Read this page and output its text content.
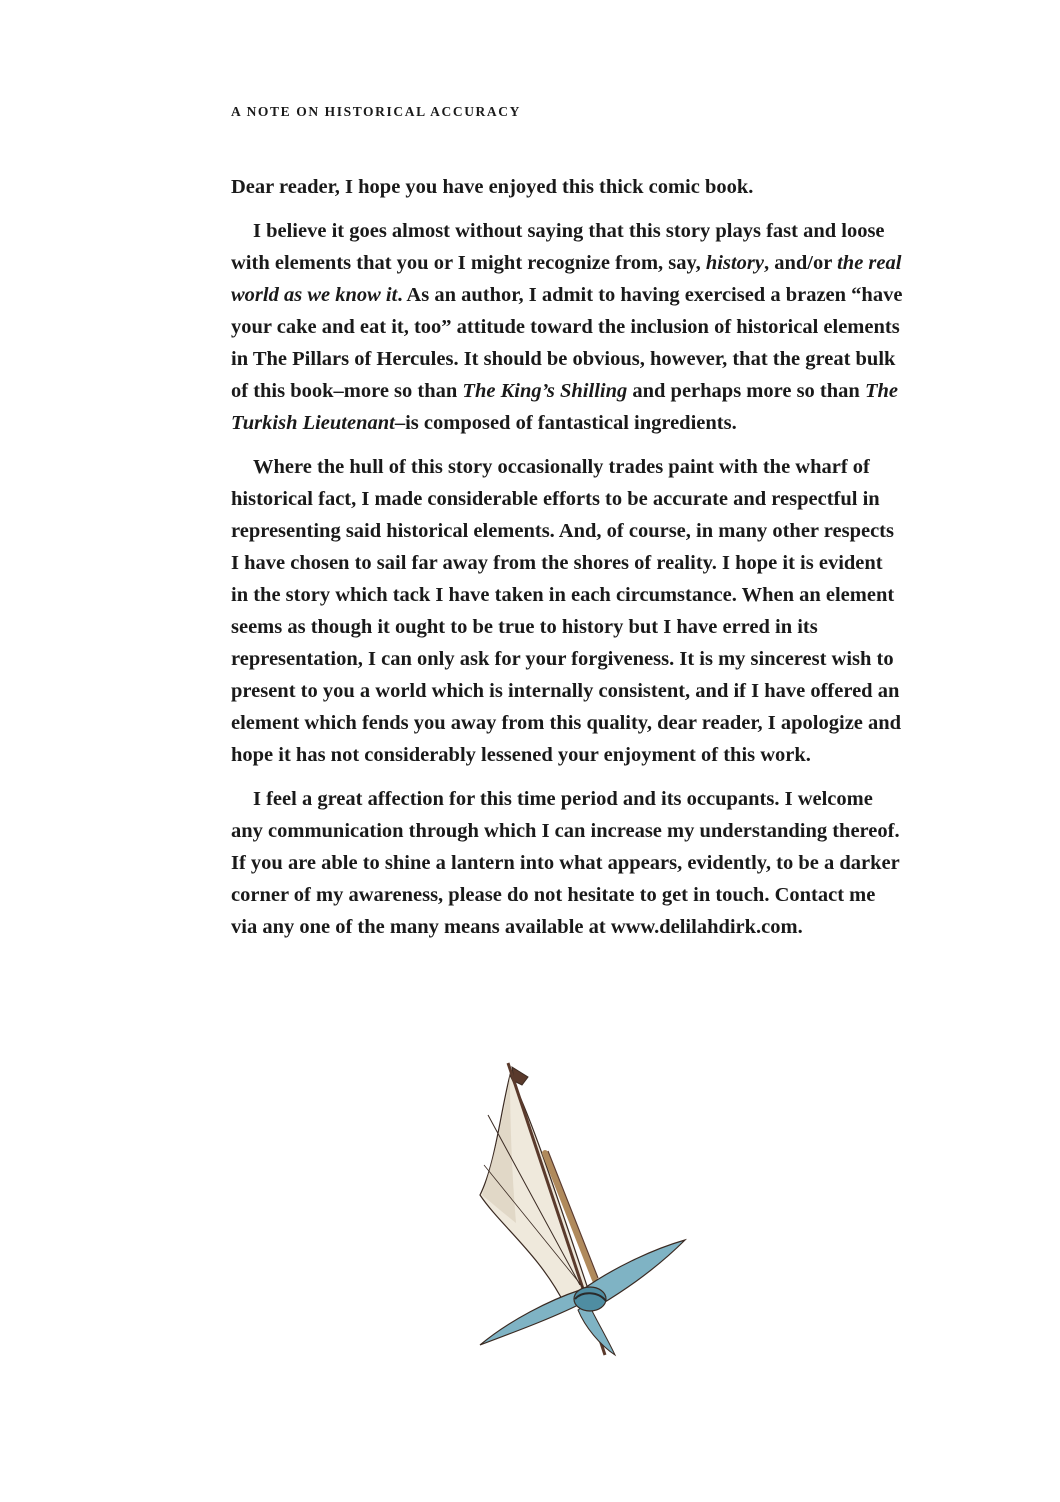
A NOTE ON HISTORICAL ACCURACY

Dear reader, I hope you have enjoyed this thick comic book.

I believe it goes almost without saying that this story plays fast and loose with elements that you or I might recognize from, say, history, and/or the real world as we know it. As an author, I admit to having exercised a brazen “have your cake and eat it, too” attitude toward the inclusion of historical elements in The Pillars of Hercules. It should be obvious, however, that the great bulk of this book–more so than The King’s Shilling and perhaps more so than The Turkish Lieutenant–is composed of fantastical ingredients.

Where the hull of this story occasionally trades paint with the wharf of historical fact, I made considerable efforts to be accurate and respectful in representing said historical elements. And, of course, in many other respects I have chosen to sail far away from the shores of reality. I hope it is evident in the story which tack I have taken in each circumstance. When an element seems as though it ought to be true to history but I have erred in its representation, I can only ask for your forgiveness. It is my sincerest wish to present to you a world which is internally consistent, and if I have offered an element which fends you away from this quality, dear reader, I apologize and hope it has not considerably lessened your enjoyment of this work.

I feel a great affection for this time period and its occupants. I welcome any communication through which I can increase my understanding thereof. If you are able to shine a lantern into what appears, evidently, to be a darker corner of my awareness, please do not hesitate to get in touch. Contact me via any one of the many means available at www.delilahdirk.com.
